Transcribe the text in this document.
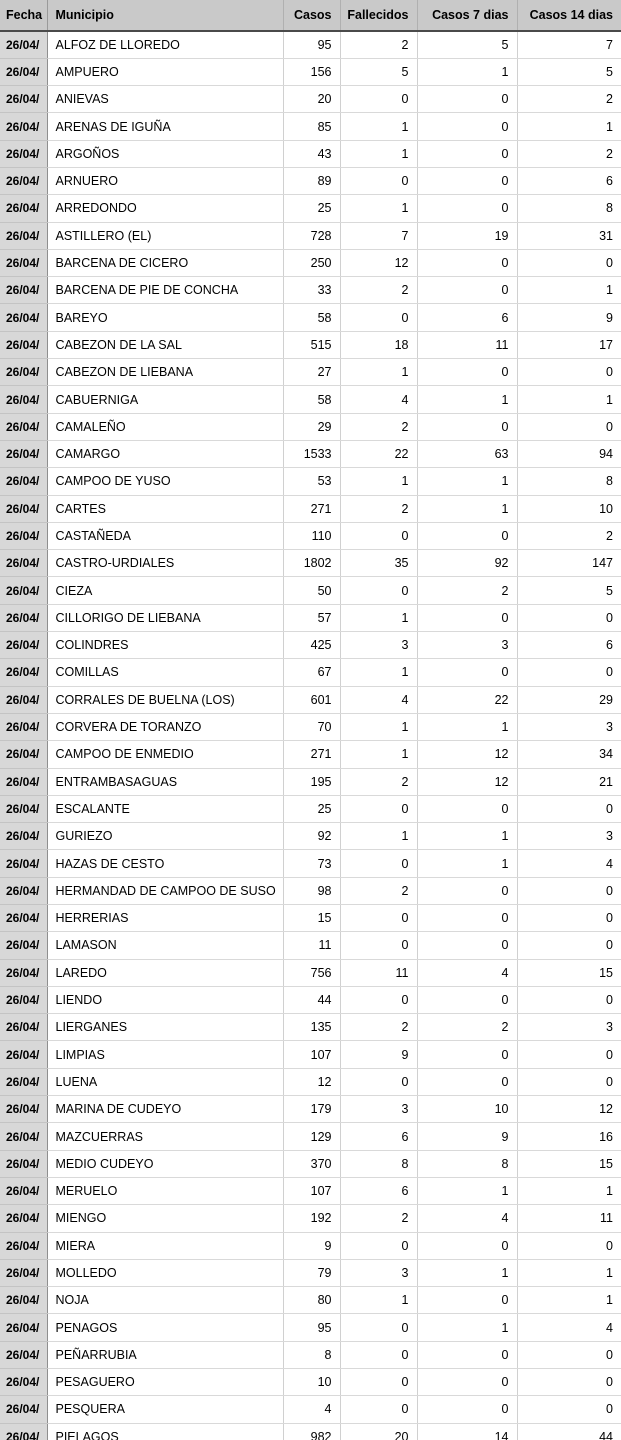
Fecha	Municipio	Casos	Fallecidos	Casos 7 dias	Casos 14 dias
26/04/	ALFOZ DE LLOREDO	95	2	5	7
26/04/	AMPUERO	156	5	1	5
26/04/	ANIEVAS	20	0	0	2
26/04/	ARENAS DE IGUÑA	85	1	0	1
26/04/	ARGOÑOS	43	1	0	2
26/04/	ARNUERO	89	0	0	6
26/04/	ARREDONDO	25	1	0	8
26/04/	ASTILLERO (EL)	728	7	19	31
26/04/	BARCENA DE CICERO	250	12	0	0
26/04/	BARCENA DE PIE DE CONCHA	33	2	0	1
26/04/	BAREYO	58	0	6	9
26/04/	CABEZON DE LA SAL	515	18	11	17
26/04/	CABEZON DE LIEBANA	27	1	0	0
26/04/	CABUERNIGA	58	4	1	1
26/04/	CAMALEÑO	29	2	0	0
26/04/	CAMARGO	1533	22	63	94
26/04/	CAMPOO DE YUSO	53	1	1	8
26/04/	CARTES	271	2	1	10
26/04/	CASTAÑEDA	110	0	0	2
26/04/	CASTRO-URDIALES	1802	35	92	147
26/04/	CIEZA	50	0	2	5
26/04/	CILLORIGO DE LIEBANA	57	1	0	0
26/04/	COLINDRES	425	3	3	6
26/04/	COMILLAS	67	1	0	0
26/04/	CORRALES DE BUELNA (LOS)	601	4	22	29
26/04/	CORVERA DE TORANZO	70	1	1	3
26/04/	CAMPOO DE ENMEDIO	271	1	12	34
26/04/	ENTRAMBASAGUAS	195	2	12	21
26/04/	ESCALANTE	25	0	0	0
26/04/	GURIEZO	92	1	1	3
26/04/	HAZAS DE CESTO	73	0	1	4
26/04/	HERMANDAD DE CAMPOO DE SUSO	98	2	0	0
26/04/	HERRERIAS	15	0	0	0
26/04/	LAMASON	11	0	0	0
26/04/	LAREDO	756	11	4	15
26/04/	LIENDO	44	0	0	0
26/04/	LIERGANES	135	2	2	3
26/04/	LIMPIAS	107	9	0	0
26/04/	LUENA	12	0	0	0
26/04/	MARINA DE CUDEYO	179	3	10	12
26/04/	MAZCUERRAS	129	6	9	16
26/04/	MEDIO CUDEYO	370	8	8	15
26/04/	MERUELO	107	6	1	1
26/04/	MIENGO	192	2	4	11
26/04/	MIERA	9	0	0	0
26/04/	MOLLEDO	79	3	1	1
26/04/	NOJA	80	1	0	1
26/04/	PENAGOS	95	0	1	4
26/04/	PEÑARRUBIA	8	0	0	0
26/04/	PESAGUERO	10	0	0	0
26/04/	PESQUERA	4	0	0	0
26/04/	PIELAGOS	982	20	14	44
